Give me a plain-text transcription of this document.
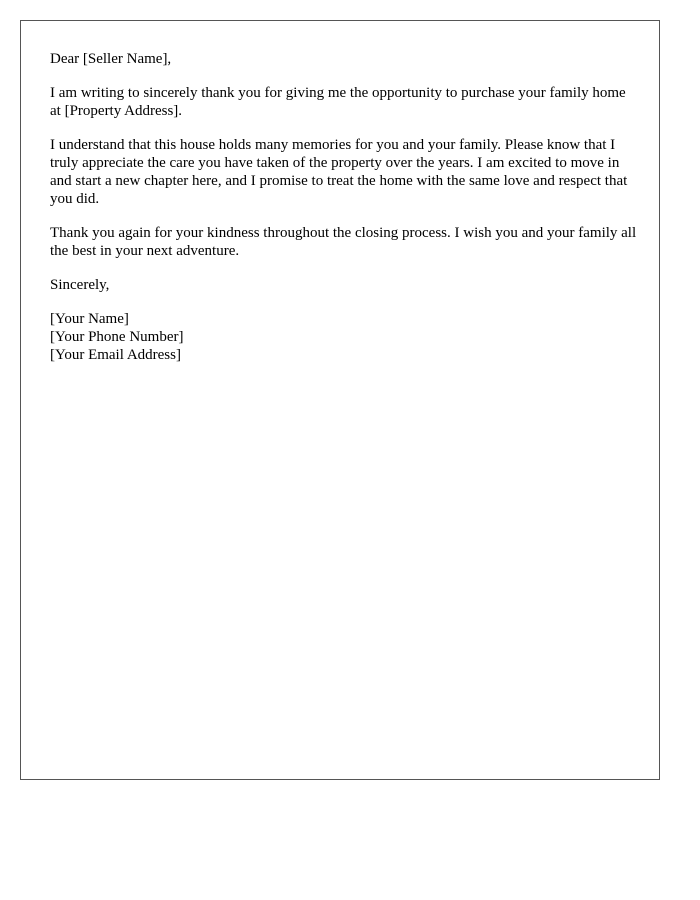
Dear [Seller Name],

I am writing to sincerely thank you for giving me the opportunity to purchase your family home at [Property Address].

I understand that this house holds many memories for you and your family. Please know that I truly appreciate the care you have taken of the property over the years. I am excited to move in and start a new chapter here, and I promise to treat the home with the same love and respect that you did.

Thank you again for your kindness throughout the closing process. I wish you and your family all the best in your next adventure.

Sincerely,

[Your Name]
[Your Phone Number]
[Your Email Address]
